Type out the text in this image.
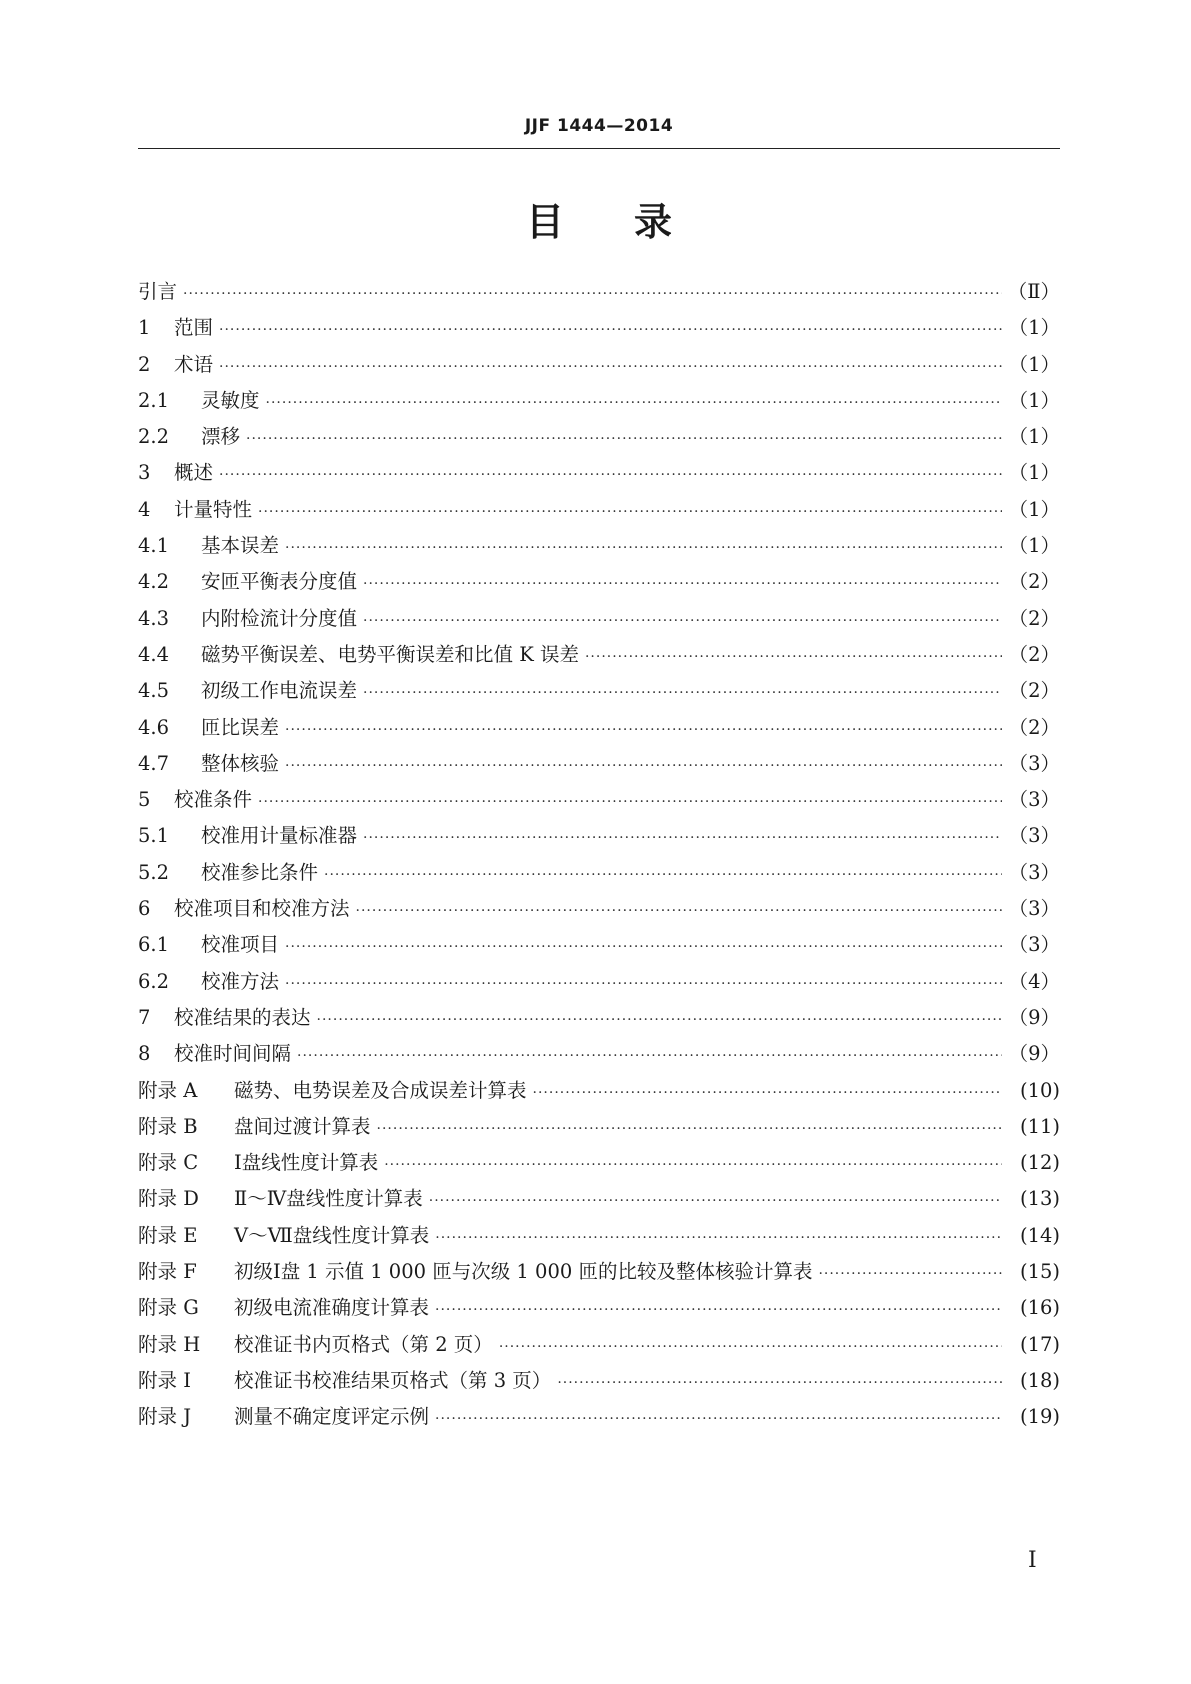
JJF 1444—2014
目录
引言 ·····	（Ⅱ）
1	范围 ·····	（1）
2	术语 ·····	（1）
2.1	灵敏度 ·····	（1）
2.2	漂移 ·····	（1）
3	概述 ·····	（1）
4	计量特性 ·····	（1）
4.1	基本误差 ·····	（1）
4.2	安匝平衡表分度值 ·····	（2）
4.3	内附检流计分度值 ·····	（2）
4.4	磁势平衡误差、电势平衡误差和比值 K 误差 ·····	（2）
4.5	初级工作电流误差 ·····	（2）
4.6	匝比误差 ·····	（2）
4.7	整体核验 ·····	（3）
5	校准条件 ·····	（3）
5.1	校准用计量标准器 ·····	（3）
5.2	校准参比条件 ·····	（3）
6	校准项目和校准方法 ·····	（3）
6.1	校准项目 ·····	（3）
6.2	校准方法 ·····	（4）
7	校准结果的表达 ·····	（9）
8	校准时间间隔 ·····	（9）
附录 A	磁势、电势误差及合成误差计算表 ·····	(10)
附录 B	盘间过渡计算表 ·····	(11)
附录 C	Ⅰ盘线性度计算表 ·····	(12)
附录 D	Ⅱ～Ⅳ盘线性度计算表 ·····	(13)
附录 E	Ⅴ～Ⅶ盘线性度计算表 ·····	(14)
附录 F	初级Ⅰ盘 1 示值 1 000 匝与次级 1 000 匝的比较及整体核验计算表 ·····	(15)
附录 G	初级电流准确度计算表 ·····	(16)
附录 H	校准证书内页格式（第 2 页） ·····	(17)
附录 I	校准证书校准结果页格式（第 3 页） ·····	(18)
附录 J	测量不确定度评定示例 ·····	(19)
Ⅰ
